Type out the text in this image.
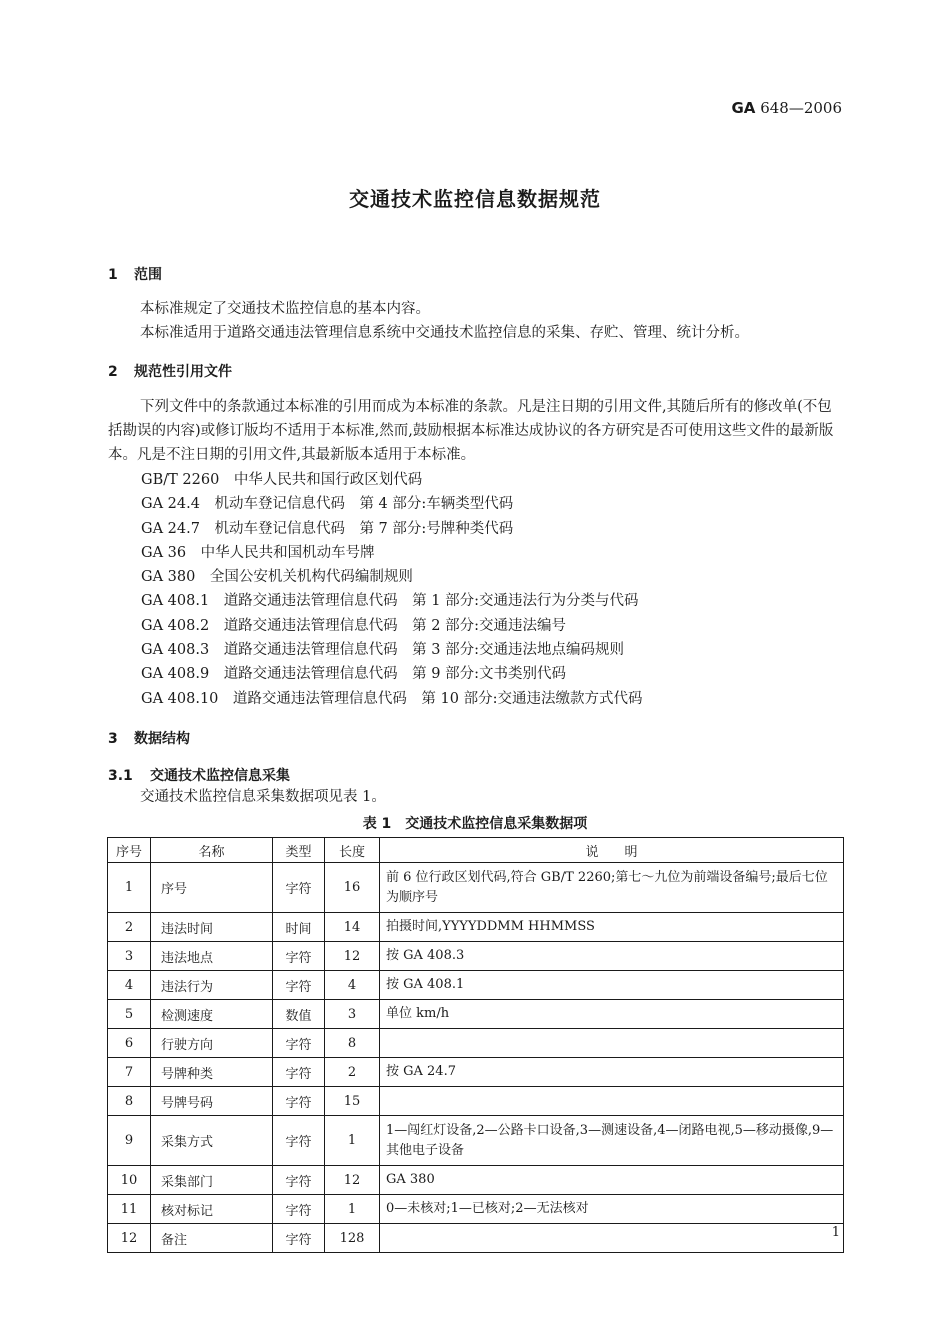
GA 648—2006
交通技术监控信息数据规范
1 范围
本标准规定了交通技术监控信息的基本内容。
本标准适用于道路交通违法管理信息系统中交通技术监控信息的采集、存贮、管理、统计分析。
2 规范性引用文件
下列文件中的条款通过本标准的引用而成为本标准的条款。凡是注日期的引用文件,其随后所有的修改单(不包括勘误的内容)或修订版均不适用于本标准,然而,鼓励根据本标准达成协议的各方研究是否可使用这些文件的最新版本。凡是不注日期的引用文件,其最新版本适用于本标准。
GB/T 2260　 中华人民共和国行政区划代码
GA 24.4　 机动车登记信息代码　第 4 部分:车辆类型代码
GA 24.7　 机动车登记信息代码　第 7 部分:号牌种类代码
GA 36　 中华人民共和国机动车号牌
GA 380　 全国公安机关机构代码编制规则
GA 408.1　 道路交通违法管理信息代码　第 1 部分:交通违法行为分类与代码
GA 408.2　 道路交通违法管理信息代码　第 2 部分:交通违法编号
GA 408.3　 道路交通违法管理信息代码　第 3 部分:交通违法地点编码规则
GA 408.9　 道路交通违法管理信息代码　第 9 部分:文书类别代码
GA 408.10　 道路交通违法管理信息代码　第 10 部分:交通违法缴款方式代码
3 数据结构
3.1 交通技术监控信息采集
交通技术监控信息采集数据项见表 1。
表 1　交通技术监控信息采集数据项
序号	名称	类型	长度	说　　明
1	序号	字符	16	前 6 位行政区划代码,符合 GB/T 2260;第七～九位为前端设备编号;最后七位为顺序号
2	违法时间	时间	14	拍摄时间,YYYYDDMM HHMMSS
3	违法地点	字符	12	按 GA 408.3
4	违法行为	字符	4	按 GA 408.1
5	检测速度	数值	3	单位 km/h
6	行驶方向	字符	8	
7	号牌种类	字符	2	按 GA 24.7
8	号牌号码	字符	15	
9	采集方式	字符	1	1—闯红灯设备,2—公路卡口设备,3—测速设备,4—闭路电视,5—移动摄像,9—其他电子设备
10	采集部门	字符	12	GA 380
11	核对标记	字符	1	0—未核对;1—已核对;2—无法核对
12	备注	字符	128		1
